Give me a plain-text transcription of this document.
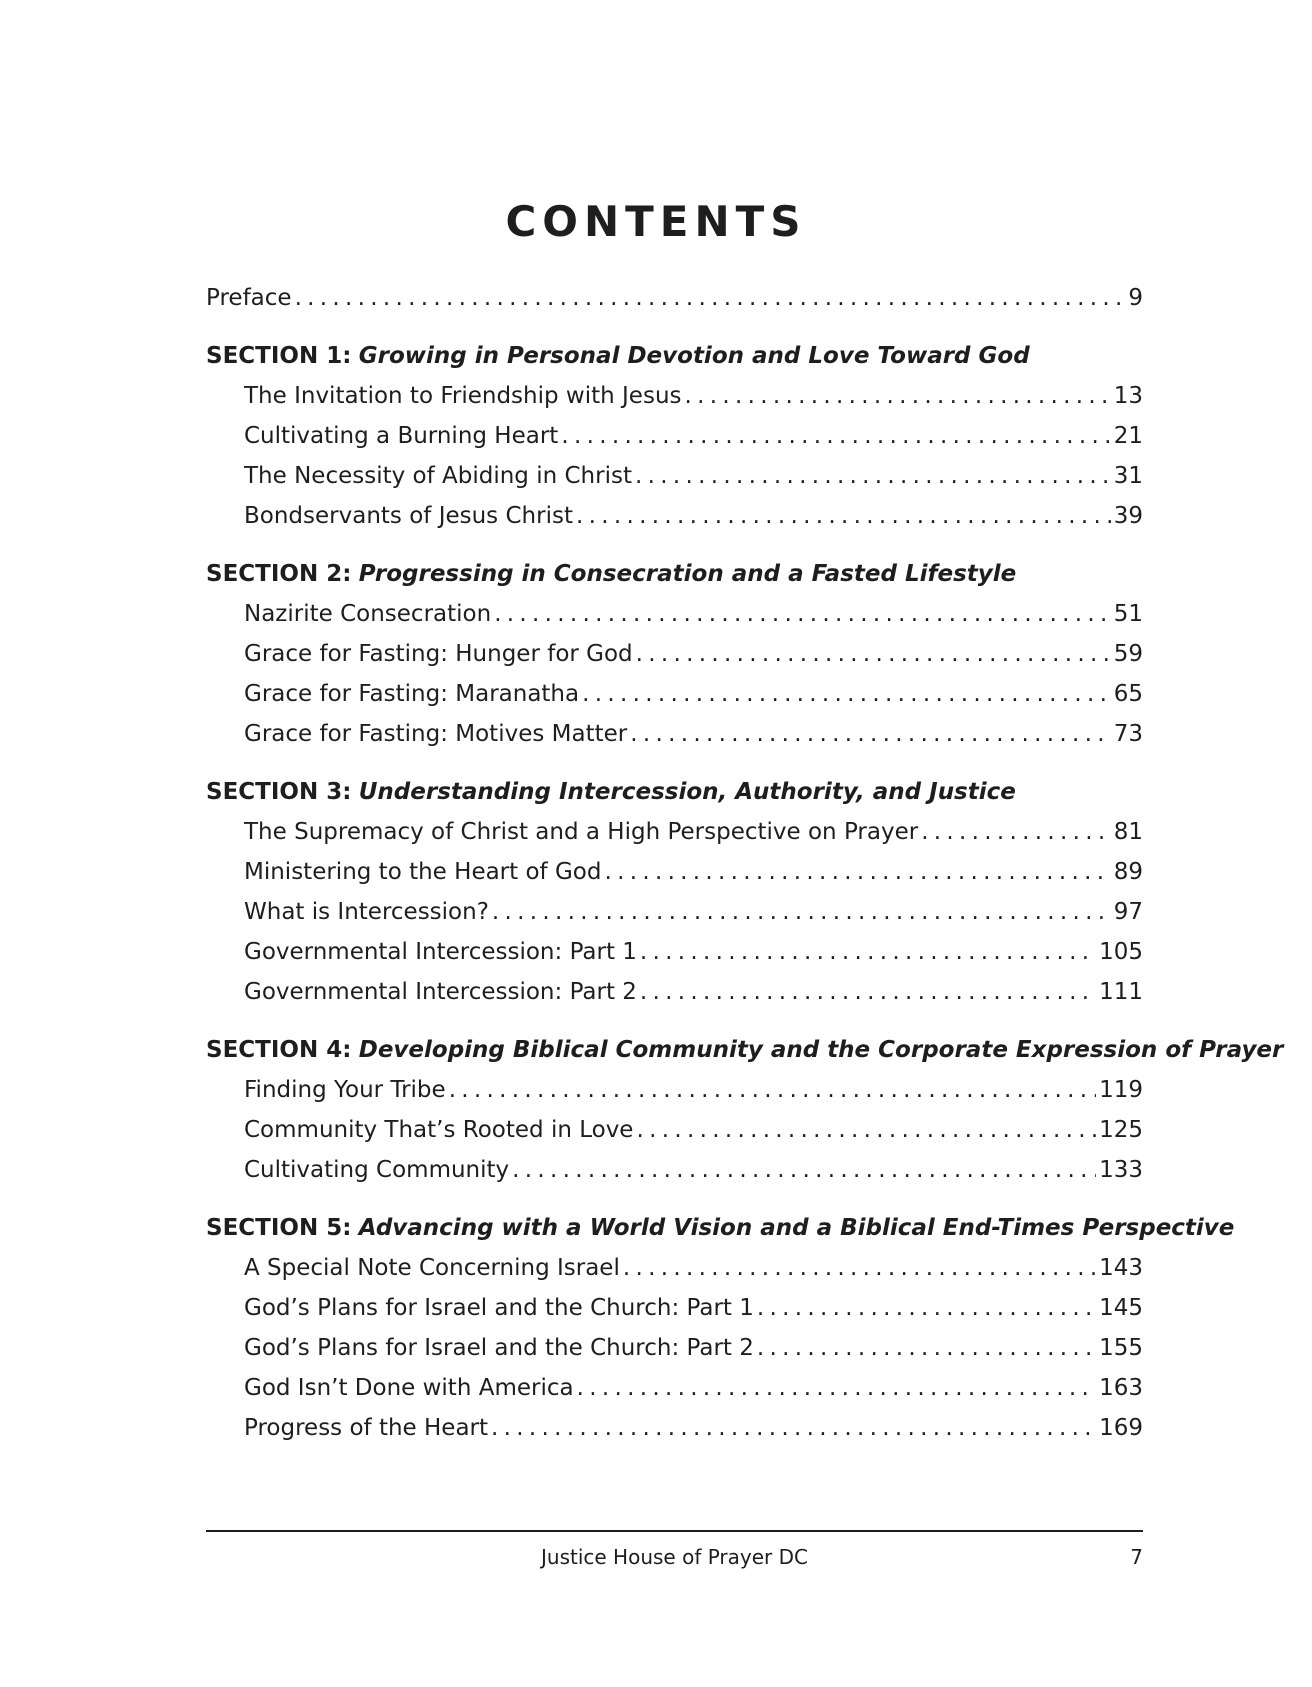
CONTENTS
Preface . . .	9
SECTION 1: Growing in Personal Devotion and Love Toward God
The Invitation to Friendship with Jesus . . .	13
Cultivating a Burning Heart . . .	21
The Necessity of Abiding in Christ . . .	31
Bondservants of Jesus Christ . . .	39
SECTION 2: Progressing in Consecration and a Fasted Lifestyle
Nazirite Consecration . . .	51
Grace for Fasting: Hunger for God . . .	59
Grace for Fasting: Maranatha . . .	65
Grace for Fasting: Motives Matter . . .	73
SECTION 3: Understanding Intercession, Authority, and Justice
The Supremacy of Christ and a High Perspective on Prayer . . .	81
Ministering to the Heart of God . . .	89
What is Intercession? . . .	97
Governmental Intercession: Part 1 . . .	105
Governmental Intercession: Part 2 . . .	111
SECTION 4: Developing Biblical Community and the Corporate Expression of Prayer
Finding Your Tribe . . .	119
Community That’s Rooted in Love . . .	125
Cultivating Community . . .	133
SECTION 5: Advancing with a World Vision and a Biblical End-Times Perspective
A Special Note Concerning Israel . . .	143
God’s Plans for Israel and the Church: Part 1 . . .	145
God’s Plans for Israel and the Church: Part 2 . . .	155
God Isn’t Done with America . . .	163
Progress of the Heart . . .	169
Justice House of Prayer DC	7
